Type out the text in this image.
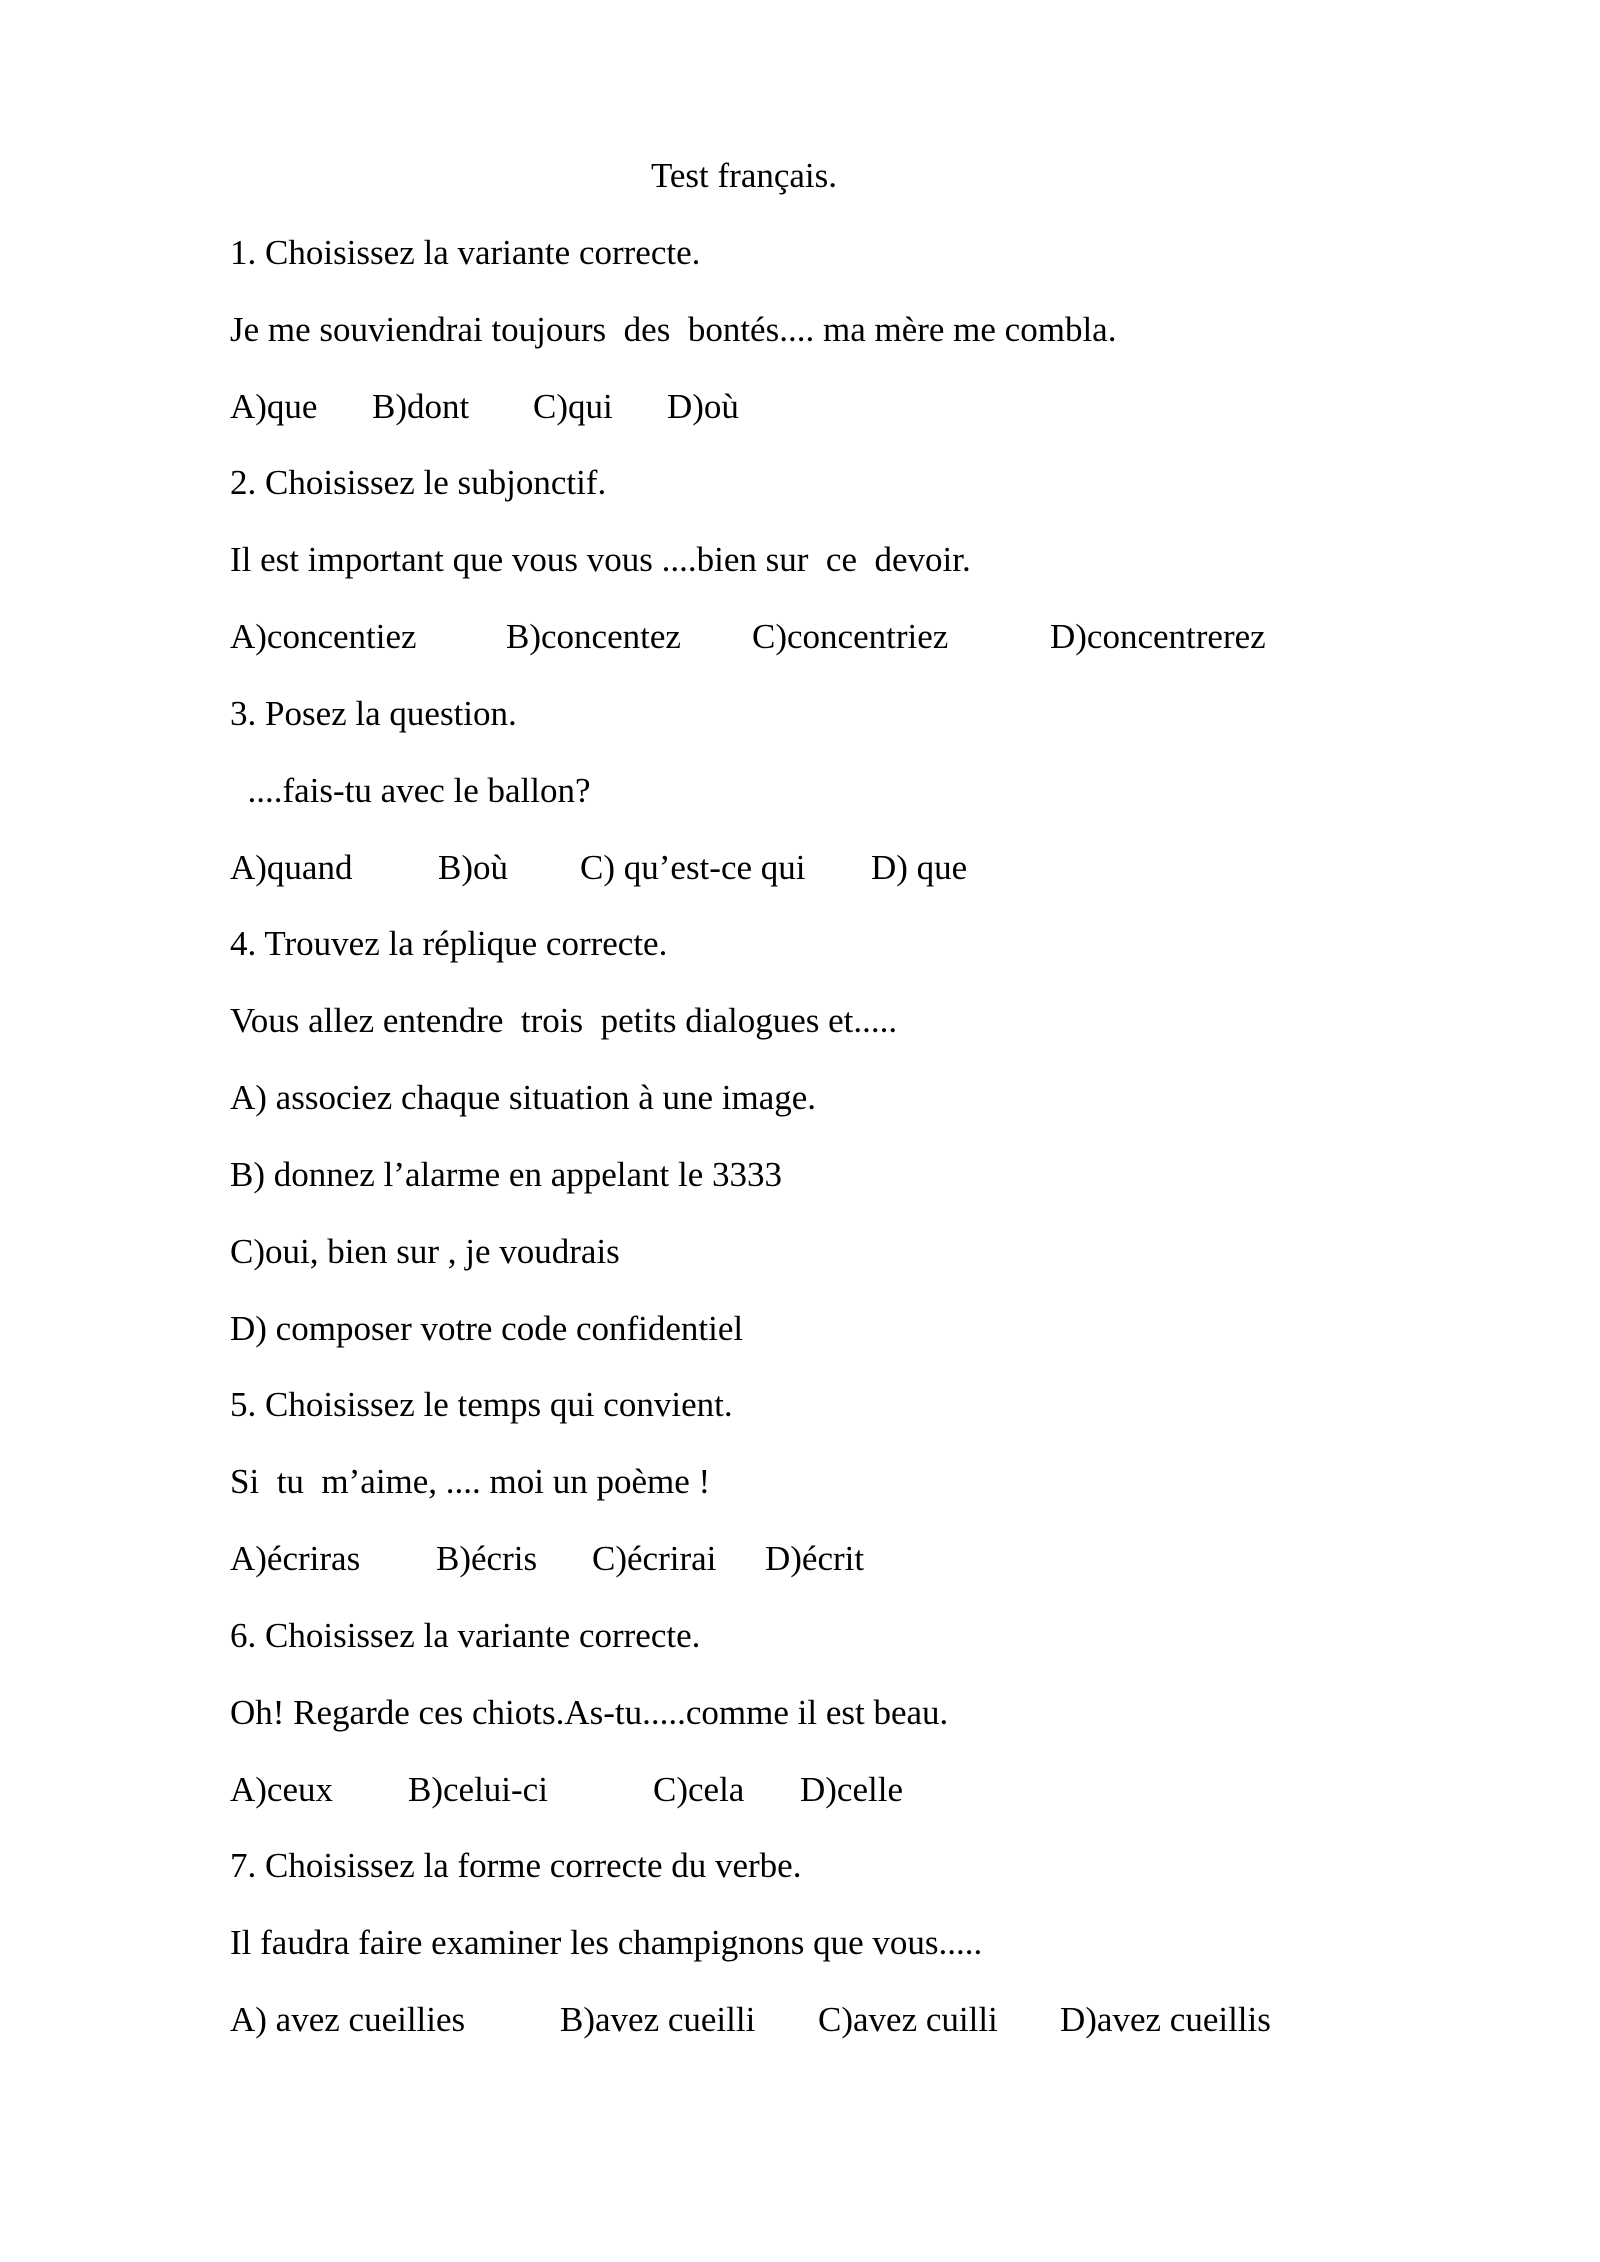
Test français.
1. Choisissez la variante correcte.
Je me souviendrai toujours  des  bontés.... ma mère me combla.
A)que B)dont C)qui D)où
2. Choisissez le subjonctif.
Il est important que vous vous ....bien sur  ce  devoir.
A)concentiez	B)concentez C)concentriez	D)concentrerez
3. Posez la question.
....fais-tu avec le ballon?
A)quand B)où C) qu’est-ce qui D) que
4. Trouvez la réplique correcte.
Vous allez entendre  trois  petits dialogues et.....
A) associez chaque situation à une image.
B) donnez l’alarme en appelant le 3333
C)oui, bien sur , je voudrais
D) composer votre code confidentiel
5. Choisissez le temps qui convient.
Si  tu  m’aime, .... moi un poème !
A)écriras B)écris C)écrirai D)écrit
6. Choisissez la variante correcte.
Oh! Regarde ces chiots.As-tu.....comme il est beau.
A)ceux B)celui-ci	C)cela D)celle
7. Choisissez la forme correcte du verbe.
Il faudra faire examiner les champignons que vous.....
A) avez cueillies	B)avez cueilli C)avez cuilli D)avez cueillis
